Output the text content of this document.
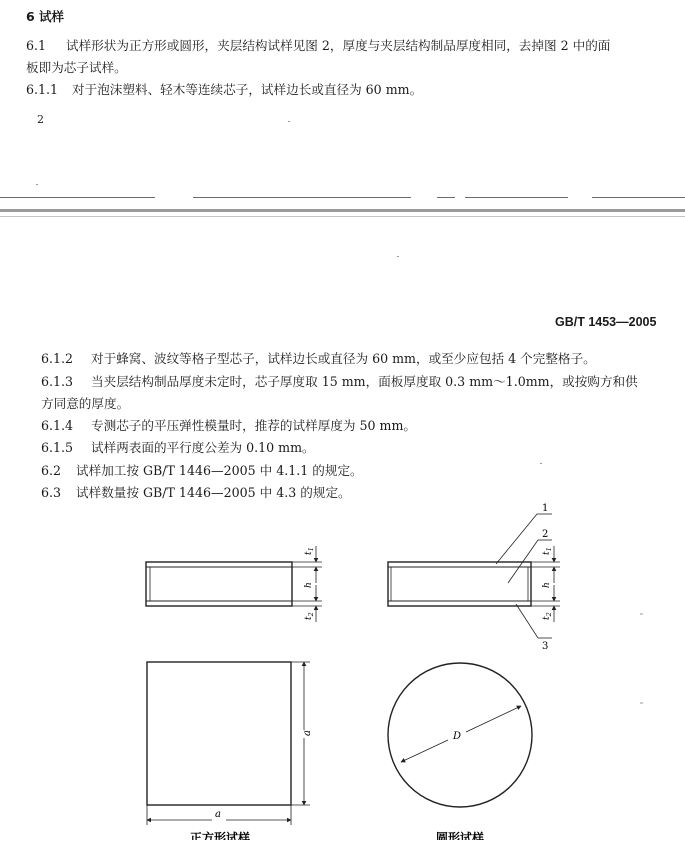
6 试样
6.1 试样形状为正方形或圆形，夹层结构试样见图 2，厚度与夹层结构制品厚度相同，去掉图 2 中的面
板即为芯子试样。
6.1.1 对于泡沫塑料、轻木等连续芯子，试样边长或直径为 60 mm。
2
GB/T 1453—2005
6.1.2 对于蜂窝、波纹等格子型芯子，试样边长或直径为 60 mm，或至少应包括 4 个完整格子。
6.1.3 当夹层结构制品厚度未定时，芯子厚度取 15 mm，面板厚度取 0.3 mm～1.0mm，或按购方和供
方同意的厚度。
6.1.4 专测芯子的平压弹性模量时，推荐的试样厚度为 50 mm。
6.1.5 试样两表面的平行度公差为 0.10 mm。
6.2 试样加工按 GB/T 1446—2005 中 4.1.1 的规定。
6.3 试样数量按 GB/T 1446—2005 中 4.3 的规定。
$t_1$
h
$t_2$
$t_1$
h
$t_2$
1
2
3
a
a
D
正方形试样	圆形试样
